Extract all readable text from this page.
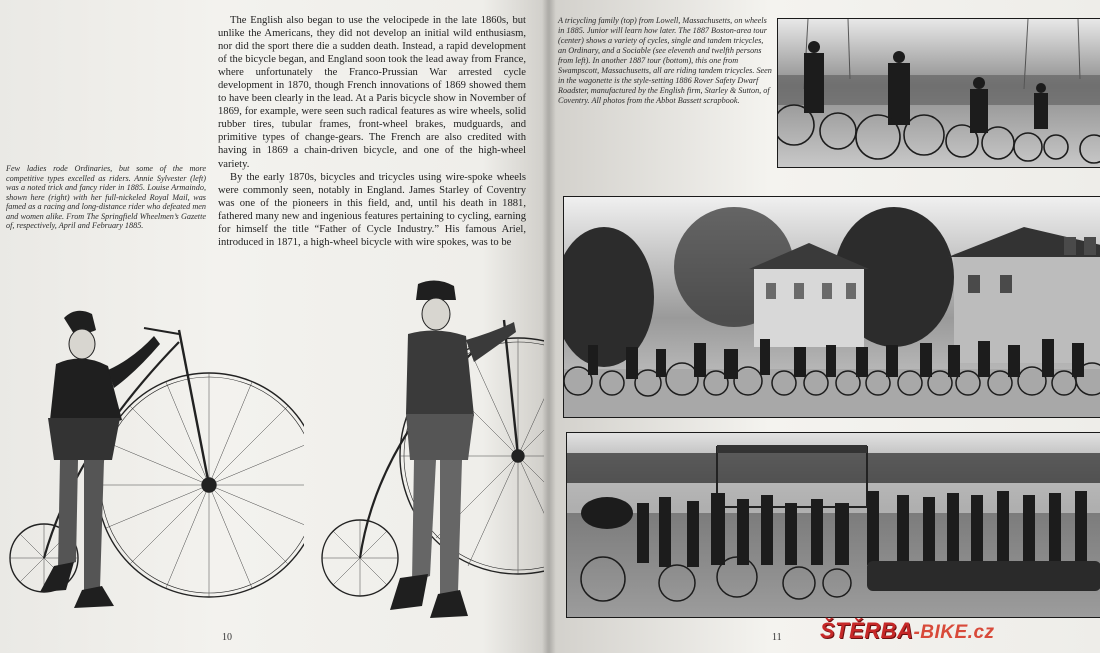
The English also began to use the velocipede in the late 1860s, but unlike the Americans, they did not develop an initial wild enthusiasm, nor did the sport there die a sudden death. Instead, a rapid development of the bicycle began, and England soon took the lead away from France, where unfortunately the Franco-Prussian War arrested cycle development in 1870, though French innovations of 1869 showed them to have been clearly in the lead. At a Paris bicycle show in November of 1869, for example, were seen such radical features as wire wheels, solid rubber tires, tubular frames, front-wheel brakes, mudguards, and primitive types of change-gears. The French are also credited with having in 1869 a chain-driven bicycle, and one of the high-wheel variety.

By the early 1870s, bicycles and tricycles using wire-spoke wheels were commonly seen, notably in England. James Starley of Coventry was one of the pioneers in this field, and, until his death in 1881, fathered many new and ingenious features pertaining to cycling, earning for himself the title “Father of Cycle Industry.” His famous Ariel, introduced in 1871, a high-wheel bicycle with wire spokes, was to be

Few ladies rode Ordinaries, but some of the more competitive types excelled as riders. Annie Sylvester (left) was a noted trick and fancy rider in 1885. Louise Armaindo, shown here (right) with her full-nickeled Royal Mail, was famed as a racing and long-distance rider who defeated men and women alike. From The Springfield Wheelmen’s Gazette of, respectively, April and February 1885.
10
A tricycling family (top) from Lowell, Massachusetts, on wheels in 1885. Junior will learn how later. The 1887 Boston-area tour (center) shows a variety of cycles, single and tandem tricycles, an Ordinary, and a Sociable (see eleventh and twelfth persons from left). In another 1887 tour (bottom), this one from Swampscott, Massachusetts, all are riding tandem tricycles. Seen in the wagonette is the style-setting 1886 Rover Safety Dwarf Roadster, manufactured by the English firm, Starley & Sutton, of Coventry. All photos from the Abbot Bassett scrapbook.
11 ŠTĚRBA-BIKE.cz
